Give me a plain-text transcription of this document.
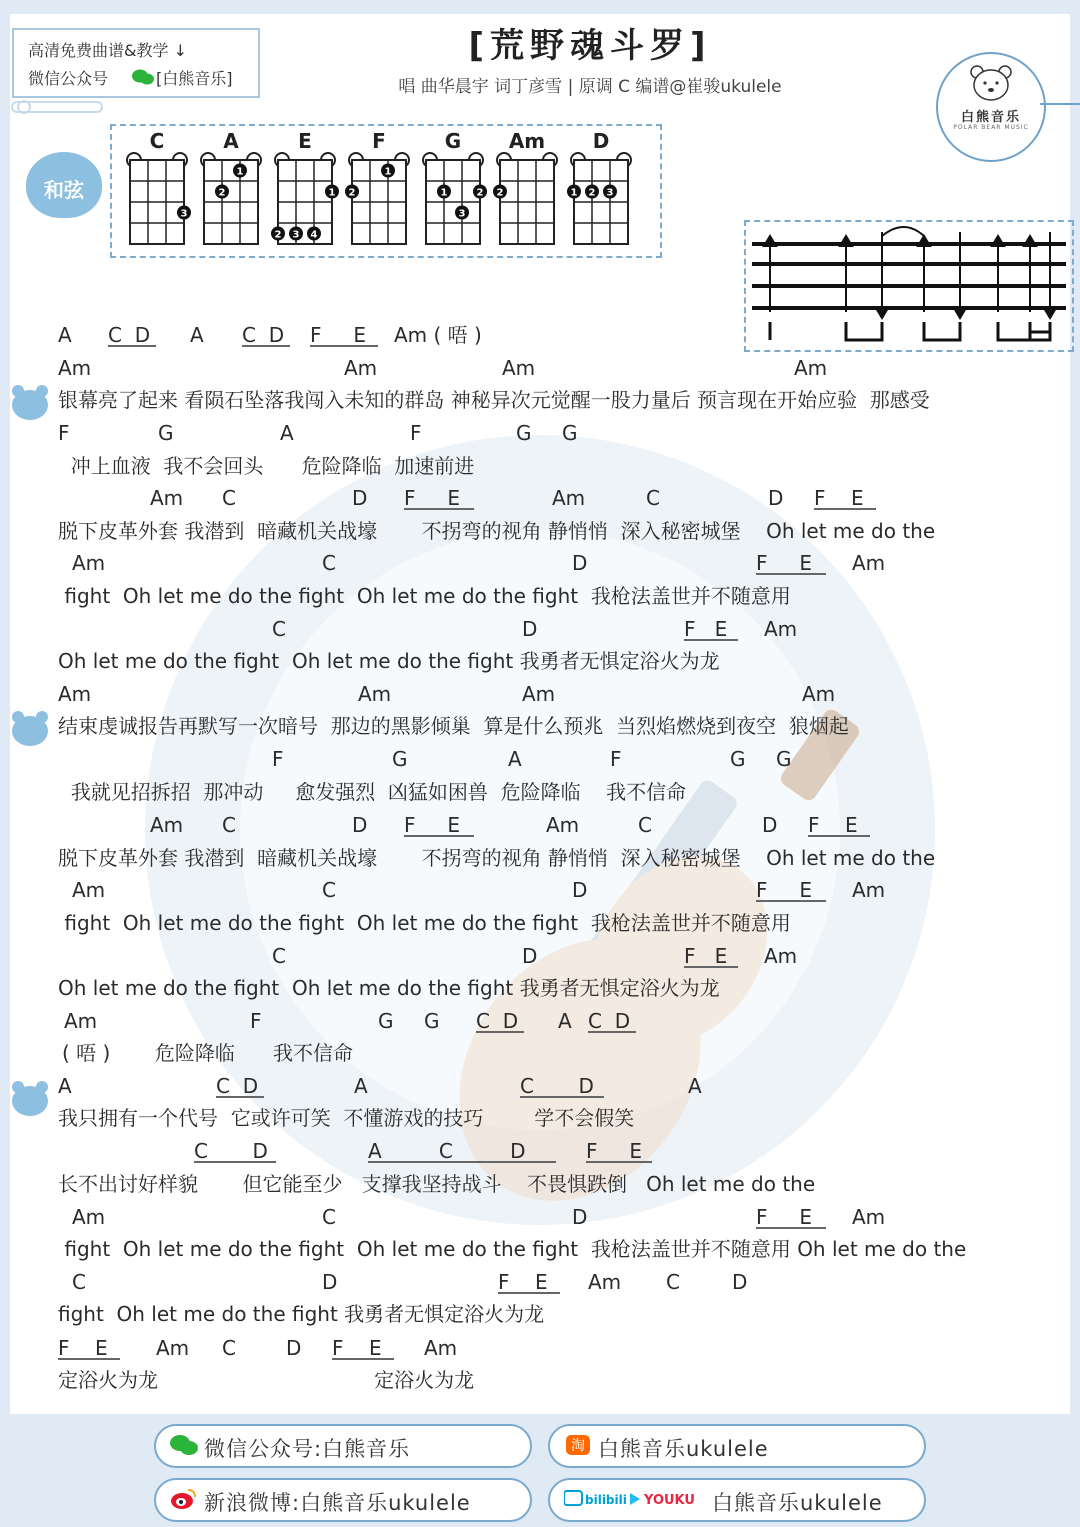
高清免费曲谱&教学 ↓
微信公众号	[白熊音乐]
[荒野魂斗罗]
唱 曲华晨宇 词丁彦雪 | 原调 C 编谱@崔骏ukulele
白熊音乐
POLAR BEAR MUSIC
和弦
C
3
A
2
1
E
2 3 4
1
F
2
1
G
1
3
2
Am
2
D
1 2 3
A C D A C D F E	Am ( 唔 )
Am	Am	Am	Am
银幕亮了起来 看陨石坠落我闯入未知的群岛 神秘异次元觉醒一股力量后 预言现在开始应验  那感受
F	G	A	F	G G
冲上血液  我不会回头      危险降临  加速前进
Am C	D F E	Am	C	D F E
脱下皮革外套 我潜到  暗藏机关战壕       不拐弯的视角 静悄悄  深入秘密城堡    Oh let me do the
Am	C	D	F E	Am
fight  Oh let me do the fight  Oh let me do the fight  我枪法盖世并不随意用
C	D	F E	Am
Oh let me do the fight  Oh let me do the fight 我勇者无惧定浴火为龙
Am	Am	Am	Am
结束虔诚报告再默写一次暗号  那边的黑影倾巢  算是什么预兆  当烈焰燃烧到夜空  狼烟起
F	G	A	F	G G
我就见招拆招  那冲动     愈发强烈  凶猛如困兽  危险降临    我不信命
Am C	D F E	Am	C	D F E
脱下皮革外套 我潜到  暗藏机关战壕       不拐弯的视角 静悄悄  深入秘密城堡    Oh let me do the
Am	C	D	F E	Am
fight  Oh let me do the fight  Oh let me do the fight  我枪法盖世并不随意用
C	D	F E	Am
Oh let me do the fight  Oh let me do the fight 我勇者无惧定浴火为龙
Am	F	G G C D A C D
( 唔 )       危险降临      我不信命
A	C D	A	C D	A
我只拥有一个代号  它或许可笑  不懂游戏的技巧        学不会假笑
C D	A	C	D	F E
长不出讨好样貌       但它能至少   支撑我坚持战斗    不畏惧跌倒   Oh let me do the
Am	C	D	F E	Am
fight  Oh let me do the fight  Oh let me do the fight  我枪法盖世并不随意用 Oh let me do the
C	D	F E	Am C	D
fight  Oh let me do the fight 我勇者无惧定浴火为龙
F E	Am C	D F E	Am
定浴火为龙                                  定浴火为龙
微信公众号:白熊音乐	淘 白熊音乐ukulele
新浪微博:白熊音乐ukulele	bilibili YOUKU 白熊音乐ukulele
